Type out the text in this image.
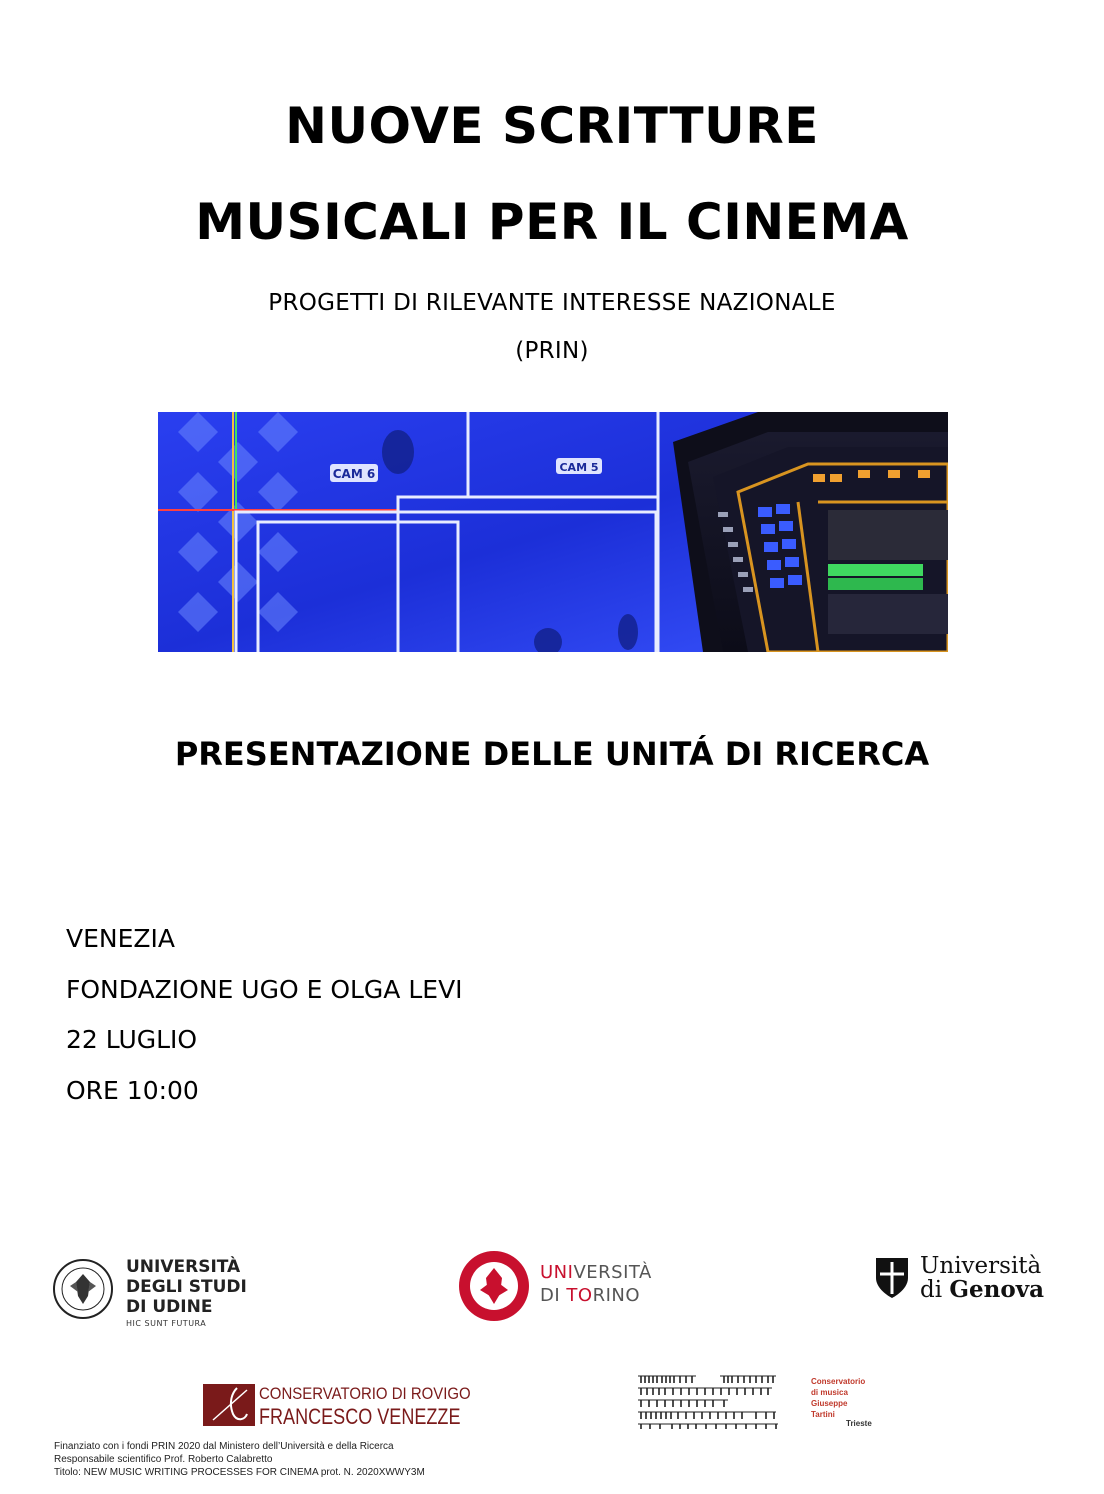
NUOVE SCRITTURE
MUSICALI PER IL CINEMA
PROGETTI DI RILEVANTE INTERESSE NAZIONALE
(PRIN)
CAM 6	CAM 5
PRESENTAZIONE DELLE UNITÁ DI RICERCA
VENEZIA
FONDAZIONE UGO E OLGA LEVI
22 LUGLIO
ORE 10:00
UNIVERSITÀ
DEGLI STUDI
DI UDINE
HIC SUNT FUTURA
UNIVERSITÀ
DI TORINO
Università
di Genova
CONSERVATORIO DI ROVIGO
FRANCESCO VENEZZE
Conservatorio
di musica
Giuseppe
Tartini
Trieste
Finanziato con i fondi PRIN 2020 dal Ministero dell’Università e della Ricerca
Responsabile scientifico Prof. Roberto Calabretto
Titolo: NEW MUSIC WRITING PROCESSES FOR CINEMA prot. N. 2020XWWY3M
